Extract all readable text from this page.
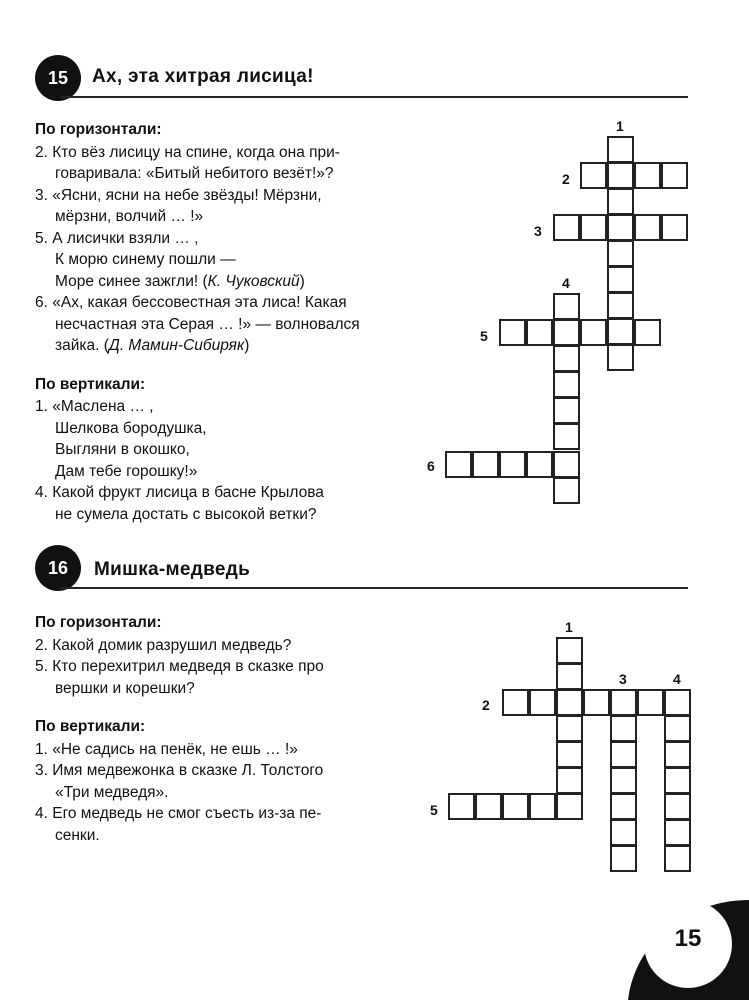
15 Ах, эта хитрая лисица!
По горизонтали:
2. Кто вёз лисицу на спине, когда она при-
говаривала: «Битый небитого везёт!»?
3. «Ясни, ясни на небе звёзды! Мёрзни,
мёрзни, волчий … !»
5. А лисички взяли … ,
К морю синему пошли —
Море синее зажгли! (К. Чуковский)
6. «Ах, какая бессовестная эта лиса! Какая
несчастная эта Серая … !» — волновался
зайка. (Д. Мамин-Сибиряк)
По вертикали:
1. «Маслена … ,
Шелкова бородушка,
Выгляни в окошко,
Дам тебе горошку!»
4. Какой фрукт лисица в басне Крылова
не сумела достать с высокой ветки?
1
2
3
4
5
6
16 Мишка-медведь
По горизонтали:
2. Какой домик разрушил медведь?
5. Кто перехитрил медведя в сказке про
вершки и корешки?
По вертикали:
1. «Не садись на пенёк, не ешь … !»
3. Имя медвежонка в сказке Л. Толстого
«Три медведя».
4. Его медведь не смог съесть из-за пе-
сенки.
1
2
3	4
5
15
